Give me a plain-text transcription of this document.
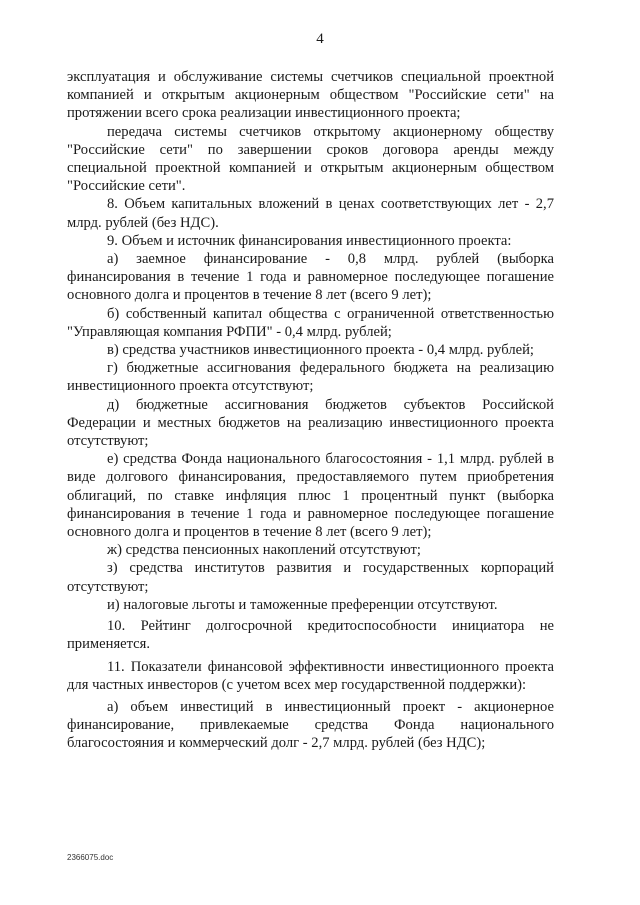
4

эксплуатация и обслуживание системы счетчиков специальной проектной компанией и открытым акционерным обществом "Российские сети" на протяжении всего срока реализации инвестиционного проекта;

передача системы счетчиков открытому акционерному обществу "Российские сети" по завершении сроков договора аренды между специальной проектной компанией и открытым акционерным обществом "Российские сети".

8. Объем капитальных вложений в ценах соответствующих лет - 2,7 млрд. рублей (без НДС).

9. Объем и источник финансирования инвестиционного проекта:

а) заемное финансирование - 0,8 млрд. рублей (выборка финансирования в течение 1 года и равномерное последующее погашение основного долга и процентов в течение 8 лет (всего 9 лет);

б) собственный капитал общества с ограниченной ответственностью "Управляющая компания РФПИ" - 0,4 млрд. рублей;

в) средства участников инвестиционного проекта - 0,4 млрд. рублей;

г) бюджетные ассигнования федерального бюджета на реализацию инвестиционного проекта отсутствуют;

д) бюджетные ассигнования бюджетов субъектов Российской Федерации и местных бюджетов на реализацию инвестиционного проекта отсутствуют;

е) средства Фонда национального благосостояния - 1,1 млрд. рублей в виде долгового финансирования, предоставляемого путем приобретения облигаций, по ставке инфляция плюс 1 процентный пункт (выборка финансирования в течение 1 года и равномерное последующее погашение основного долга и процентов в течение 8 лет (всего 9 лет);

ж) средства пенсионных накоплений отсутствуют;

з) средства институтов развития и государственных корпораций отсутствуют;

и) налоговые льготы и таможенные преференции отсутствуют.

10. Рейтинг долгосрочной кредитоспособности инициатора не применяется.

11. Показатели финансовой эффективности инвестиционного проекта для частных инвесторов (с учетом всех мер государственной поддержки):

а) объем инвестиций в инвестиционный проект - акционерное финансирование, привлекаемые средства Фонда национального благосостояния и коммерческий долг - 2,7 млрд. рублей (без НДС);

2366075.doc
